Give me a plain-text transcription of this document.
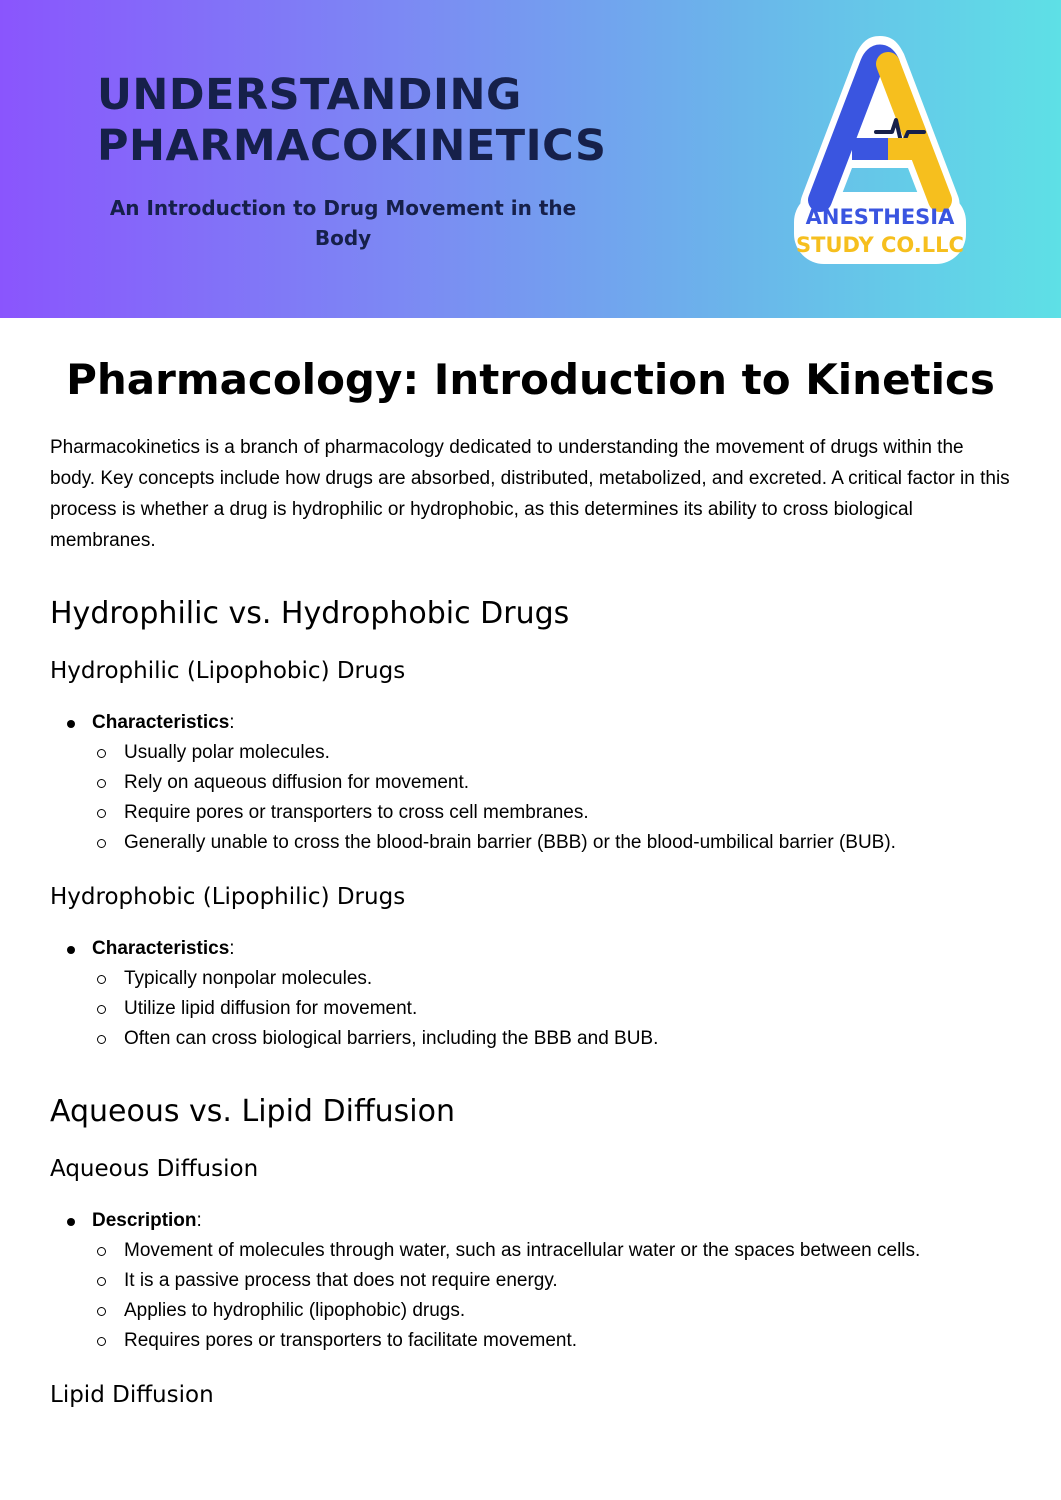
UNDERSTANDING
PHARMACOKINETICS

An Introduction to Drug Movement in the Body

ANESTHESIA
STUDY CO.LLC
Pharmacology: Introduction to Kinetics

Pharmacokinetics is a branch of pharmacology dedicated to understanding the movement of drugs within the body. Key concepts include how drugs are absorbed, distributed, metabolized, and excreted. A critical factor in this process is whether a drug is hydrophilic or hydrophobic, as this determines its ability to cross biological membranes.

Hydrophilic vs. Hydrophobic Drugs
Hydrophilic (Lipophobic) Drugs
Characteristics:
Usually polar molecules.
Rely on aqueous diffusion for movement.
Require pores or transporters to cross cell membranes.
Generally unable to cross the blood-brain barrier (BBB) or the blood-umbilical barrier (BUB).
Hydrophobic (Lipophilic) Drugs
Characteristics:
Typically nonpolar molecules.
Utilize lipid diffusion for movement.
Often can cross biological barriers, including the BBB and BUB.
Aqueous vs. Lipid Diffusion
Aqueous Diffusion
Description:
Movement of molecules through water, such as intracellular water or the spaces between cells.
It is a passive process that does not require energy.
Applies to hydrophilic (lipophobic) drugs.
Requires pores or transporters to facilitate movement.
Lipid Diffusion
